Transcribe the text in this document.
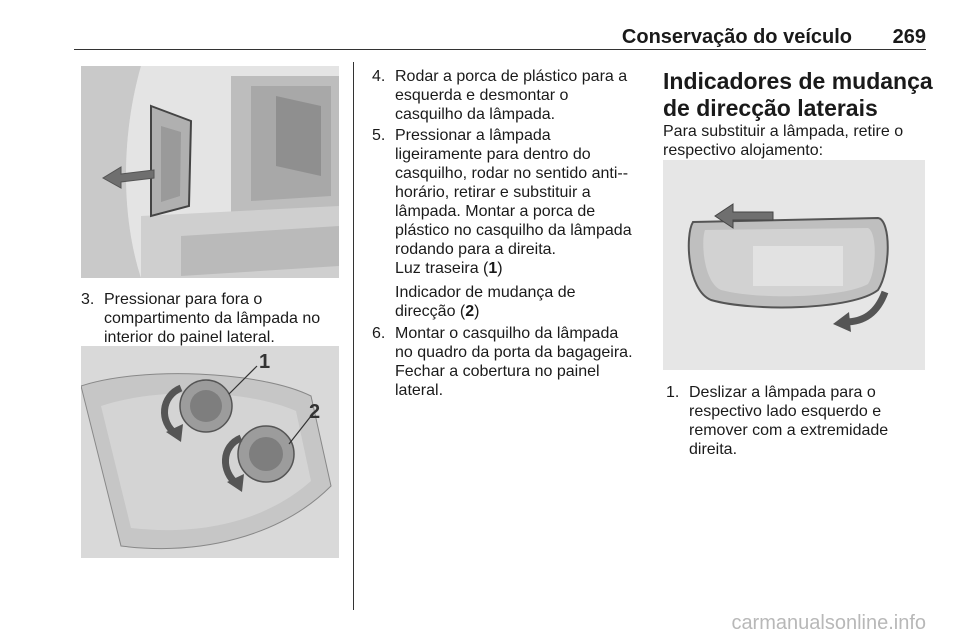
Conservação do veículo 269
3. Pressionar para fora o compartimento da lâmpada no interior do painel lateral.
1
2
4. Rodar a porca de plástico para a esquerda e desmontar o casquilho da lâmpada.
5. Pressionar a lâmpada ligeiramente para dentro do casquilho, rodar no sentido anti--horário, retirar e substituir a lâmpada. Montar a porca de plástico no casquilho da lâmpada rodando para a direita.
Luz traseira (1)
Indicador de mudança de
direcção (2)
6. Montar o casquilho da lâmpada no quadro da porta da bagageira. Fechar a cobertura no painel lateral.
Indicadores de mudança de direcção laterais
Para substituir a lâmpada, retire o respectivo alojamento:
1. Deslizar a lâmpada para o respectivo lado esquerdo e remover com a extremidade direita.
carmanualsonline.info
